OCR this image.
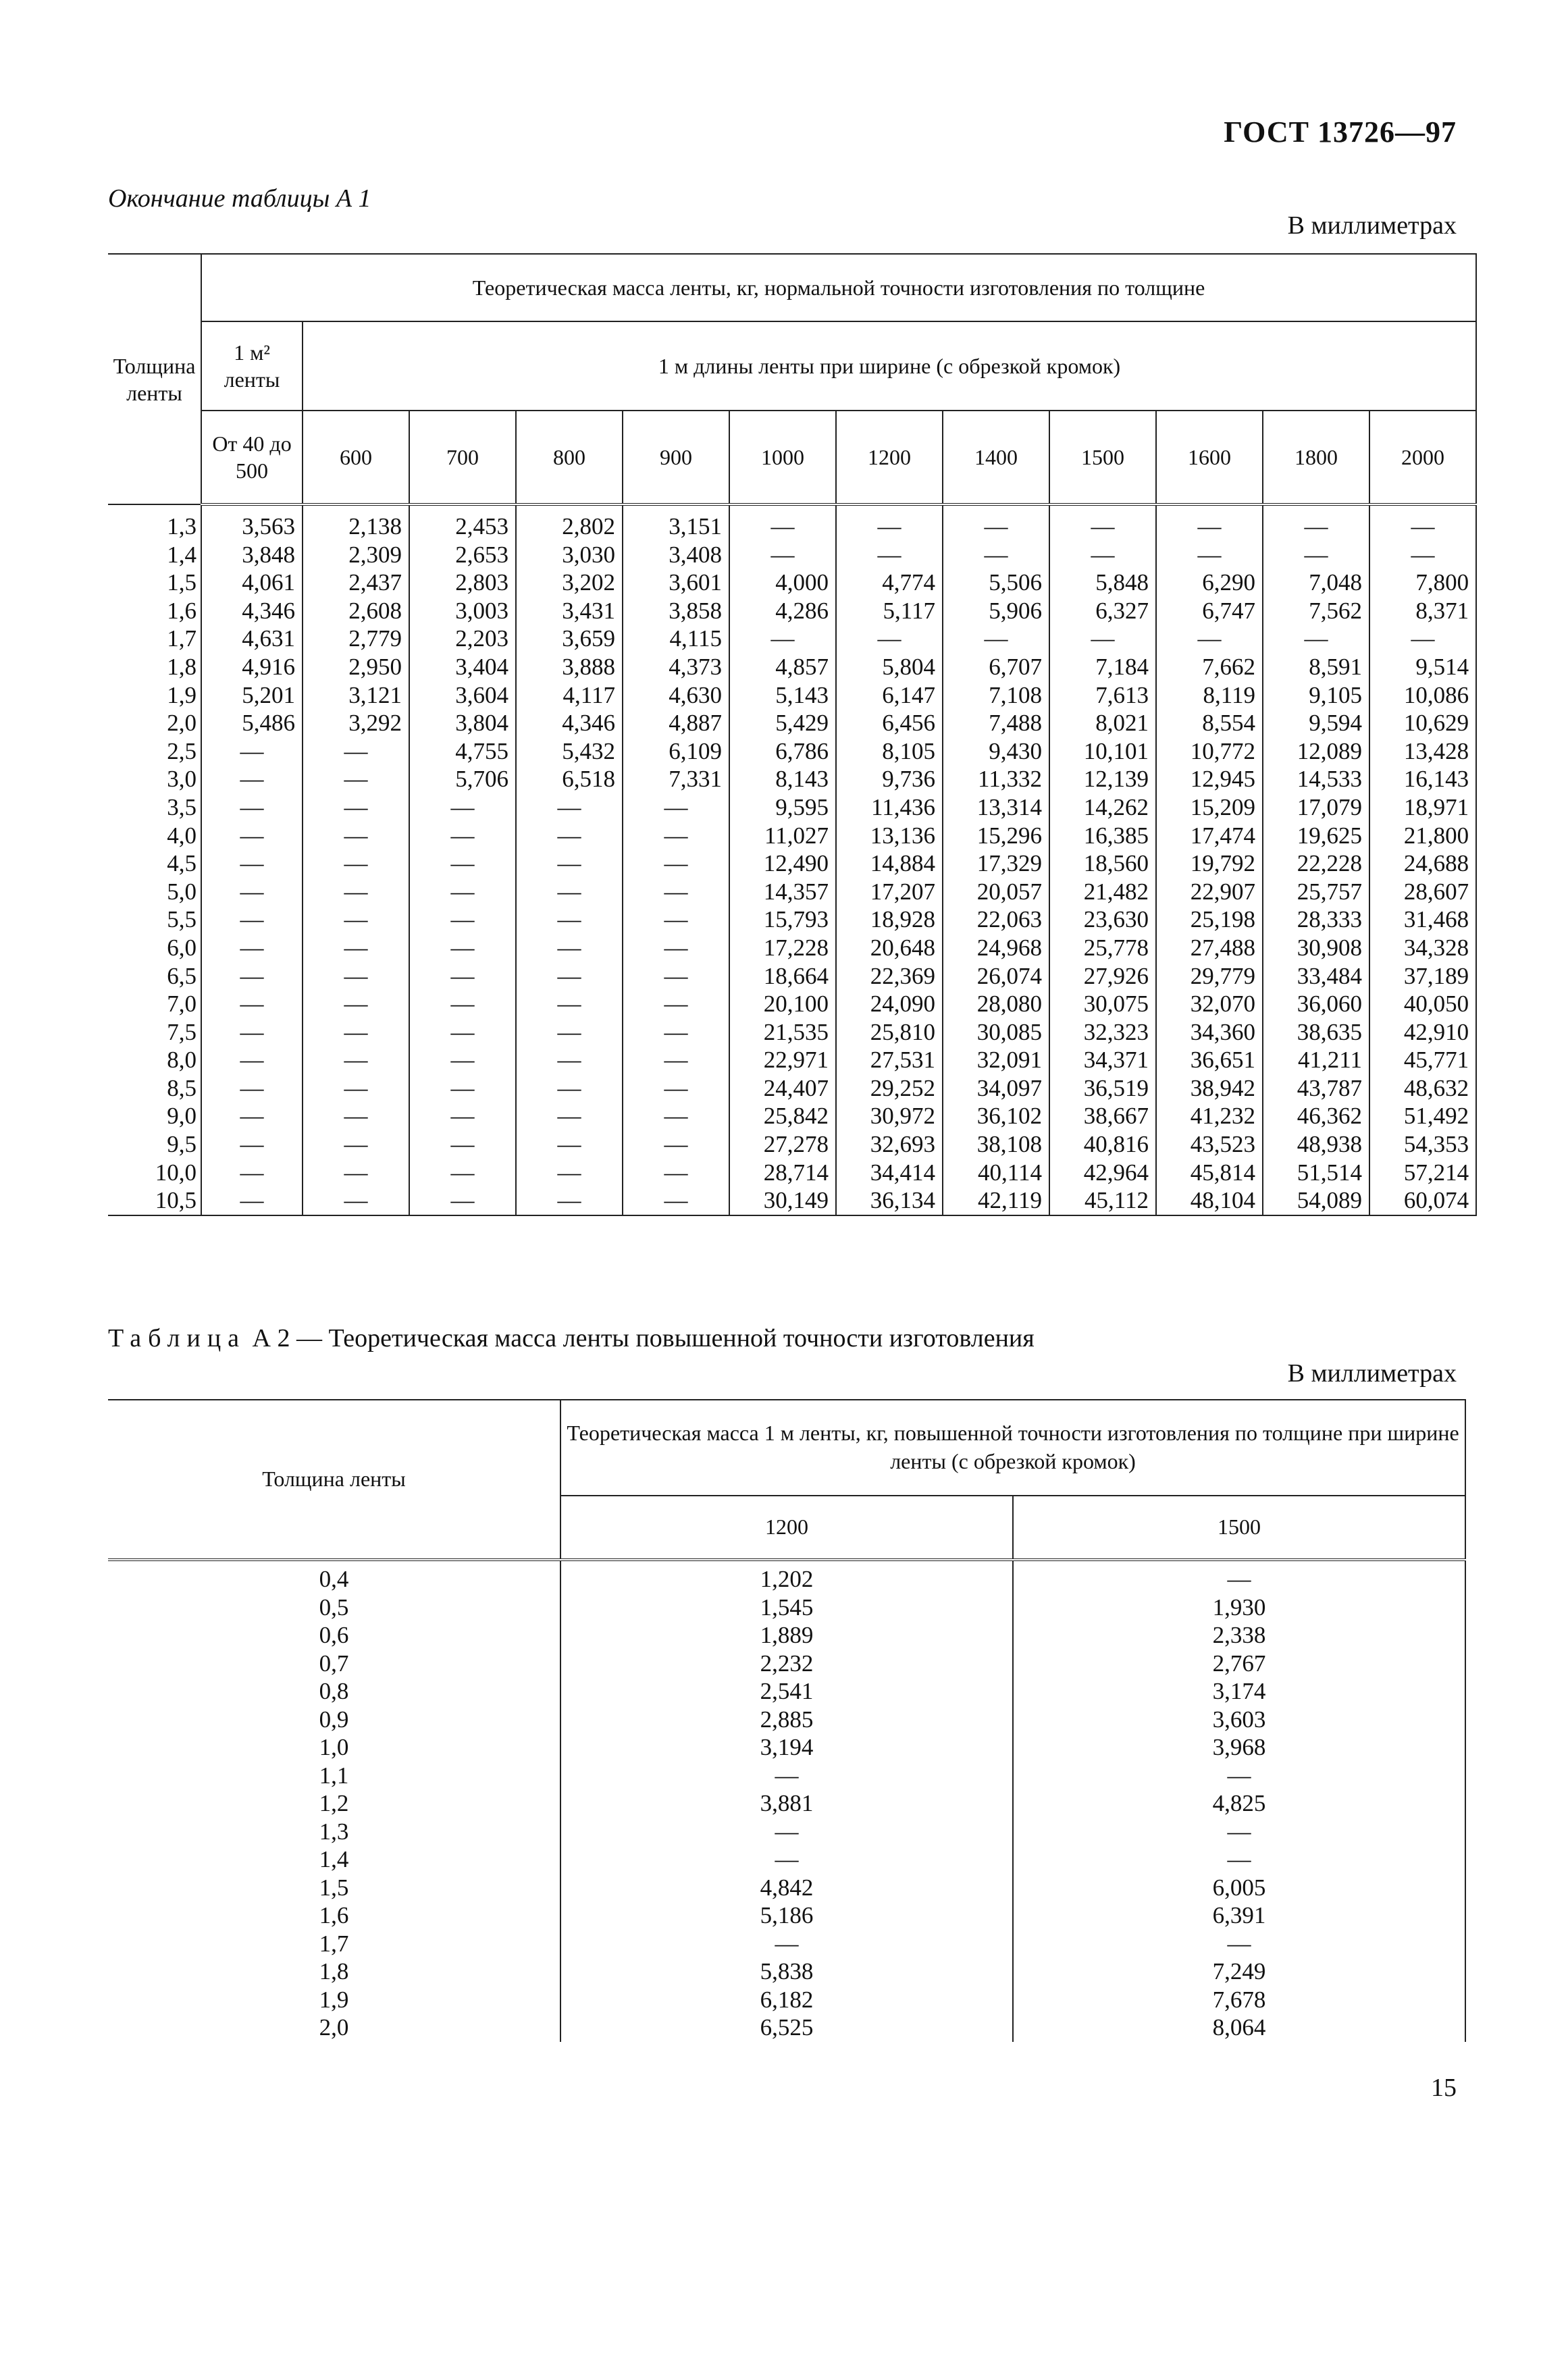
ГОСТ 13726—97
Окончание таблицы А 1
В миллиметрах
Толщина ленты	Теоретическая масса ленты, кг, нормальной точности изготовления по толщине											
	1 м² ленты	1 м длины ленты при ширине (с обрезкой кромок)										
	От 40 до 500	600	700	800	900	1000	1200	1400	1500	1600	1800	2000
1,3	3,563	2,138	2,453	2,802	3,151	—	—	—	—	—	—	—
1,4	3,848	2,309	2,653	3,030	3,408	—	—	—	—	—	—	—
1,5	4,061	2,437	2,803	3,202	3,601	4,000	4,774	5,506	5,848	6,290	7,048	7,800
1,6	4,346	2,608	3,003	3,431	3,858	4,286	5,117	5,906	6,327	6,747	7,562	8,371
1,7	4,631	2,779	2,203	3,659	4,115	—	—	—	—	—	—	—
1,8	4,916	2,950	3,404	3,888	4,373	4,857	5,804	6,707	7,184	7,662	8,591	9,514
1,9	5,201	3,121	3,604	4,117	4,630	5,143	6,147	7,108	7,613	8,119	9,105	10,086
2,0	5,486	3,292	3,804	4,346	4,887	5,429	6,456	7,488	8,021	8,554	9,594	10,629
2,5	—	—	4,755	5,432	6,109	6,786	8,105	9,430	10,101	10,772	12,089	13,428
3,0	—	—	5,706	6,518	7,331	8,143	9,736	11,332	12,139	12,945	14,533	16,143
3,5	—	—	—	—	—	9,595	11,436	13,314	14,262	15,209	17,079	18,971
4,0	—	—	—	—	—	11,027	13,136	15,296	16,385	17,474	19,625	21,800
4,5	—	—	—	—	—	12,490	14,884	17,329	18,560	19,792	22,228	24,688
5,0	—	—	—	—	—	14,357	17,207	20,057	21,482	22,907	25,757	28,607
5,5	—	—	—	—	—	15,793	18,928	22,063	23,630	25,198	28,333	31,468
6,0	—	—	—	—	—	17,228	20,648	24,968	25,778	27,488	30,908	34,328
6,5	—	—	—	—	—	18,664	22,369	26,074	27,926	29,779	33,484	37,189
7,0	—	—	—	—	—	20,100	24,090	28,080	30,075	32,070	36,060	40,050
7,5	—	—	—	—	—	21,535	25,810	30,085	32,323	34,360	38,635	42,910
8,0	—	—	—	—	—	22,971	27,531	32,091	34,371	36,651	41,211	45,771
8,5	—	—	—	—	—	24,407	29,252	34,097	36,519	38,942	43,787	48,632
9,0	—	—	—	—	—	25,842	30,972	36,102	38,667	41,232	46,362	51,492
9,5	—	—	—	—	—	27,278	32,693	38,108	40,816	43,523	48,938	54,353
10,0	—	—	—	—	—	28,714	34,414	40,114	42,964	45,814	51,514	57,214
10,5	—	—	—	—	—	30,149	36,134	42,119	45,112	48,104	54,089	60,074
Таблица А 2 — Теоретическая масса ленты повышенной точности изготовления
В миллиметрах
Толщина ленты	Теоретическая масса 1 м ленты, кг, повышенной точности изготовления по толщине при ширине ленты (с обрезкой кромок)	
	1200	1500
0,4	1,202	—
0,5	1,545	1,930
0,6	1,889	2,338
0,7	2,232	2,767
0,8	2,541	3,174
0,9	2,885	3,603
1,0	3,194	3,968
1,1	—	—
1,2	3,881	4,825
1,3	—	—
1,4	—	—
1,5	4,842	6,005
1,6	5,186	6,391
1,7	—	—
1,8	5,838	7,249
1,9	6,182	7,678
2,0	6,525	8,064
15
